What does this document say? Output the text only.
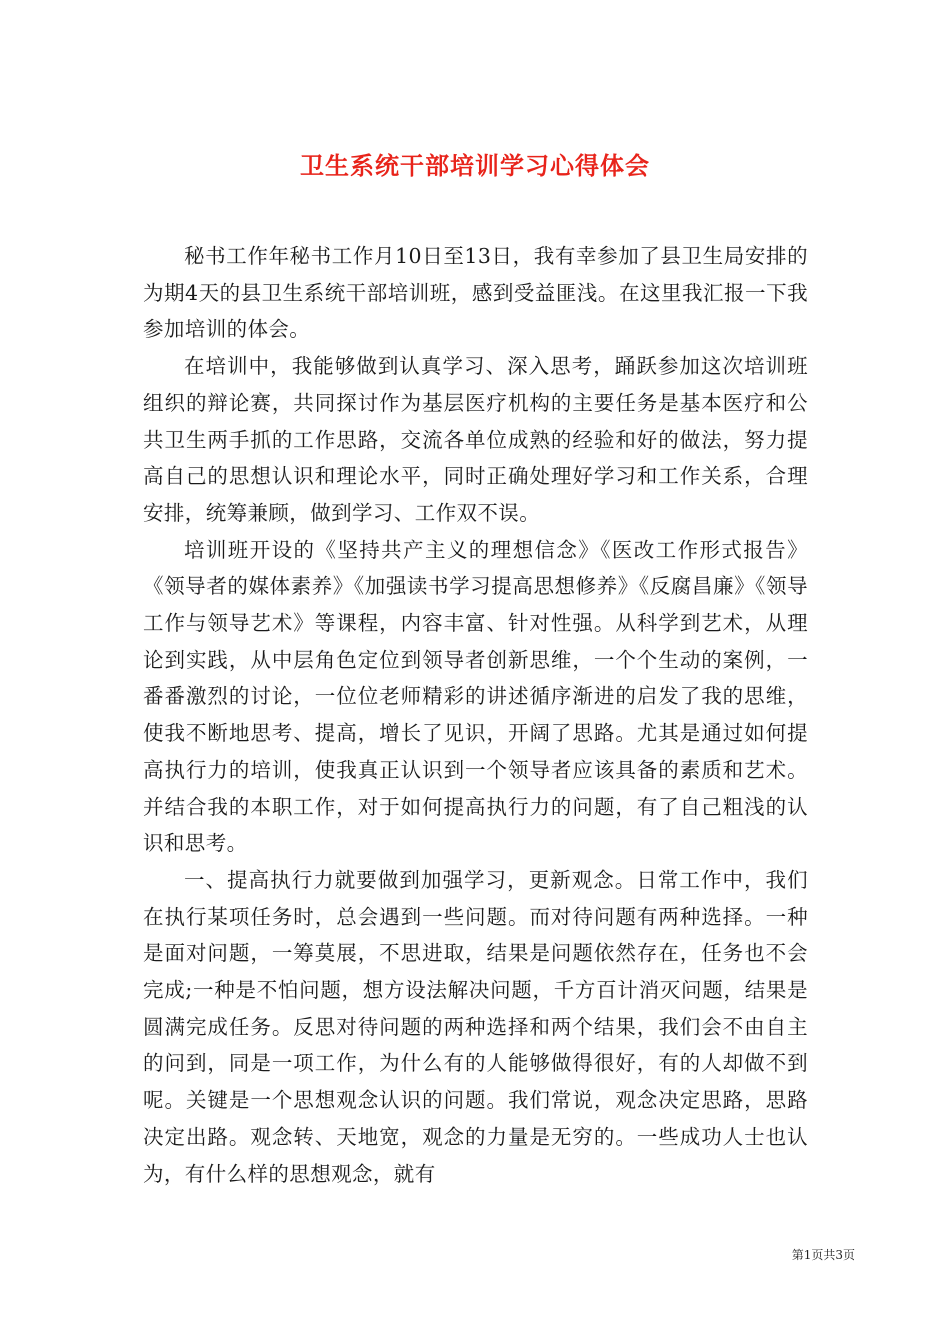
卫生系统干部培训学习心得体会

秘书工作年秘书工作月10日至13日，我有幸参加了县卫生局安排的为期4天的县卫生系统干部培训班，感到受益匪浅。在这里我汇报一下我参加培训的体会。

在培训中，我能够做到认真学习、深入思考，踊跃参加这次培训班组织的辩论赛，共同探讨作为基层医疗机构的主要任务是基本医疗和公共卫生两手抓的工作思路，交流各单位成熟的经验和好的做法，努力提高自己的思想认识和理论水平，同时正确处理好学习和工作关系，合理安排，统筹兼顾，做到学习、工作双不误。

培训班开设的《坚持共产主义的理想信念》《医改工作形式报告》《领导者的媒体素养》《加强读书学习提高思想修养》《反腐昌廉》《领导工作与领导艺术》等课程，内容丰富、针对性强。从科学到艺术，从理论到实践，从中层角色定位到领导者创新思维，一个个生动的案例，一番番激烈的讨论，一位位老师精彩的讲述循序渐进的启发了我的思维，使我不断地思考、提高，增长了见识，开阔了思路。尤其是通过如何提高执行力的培训，使我真正认识到一个领导者应该具备的素质和艺术。并结合我的本职工作，对于如何提高执行力的问题，有了自己粗浅的认识和思考。

一、提高执行力就要做到加强学习，更新观念。日常工作中，我们在执行某项任务时，总会遇到一些问题。而对待问题有两种选择。一种是面对问题，一筹莫展，不思进取，结果是问题依然存在，任务也不会完成;一种是不怕问题，想方设法解决问题，千方百计消灭问题，结果是圆满完成任务。反思对待问题的两种选择和两个结果，我们会不由自主的问到，同是一项工作，为什么有的人能够做得很好，有的人却做不到呢。关键是一个思想观念认识的问题。我们常说，观念决定思路，思路决定出路。观念转、天地宽，观念的力量是无穷的。一些成功人士也认为，有什么样的思想观念，就有

第1页共3页
